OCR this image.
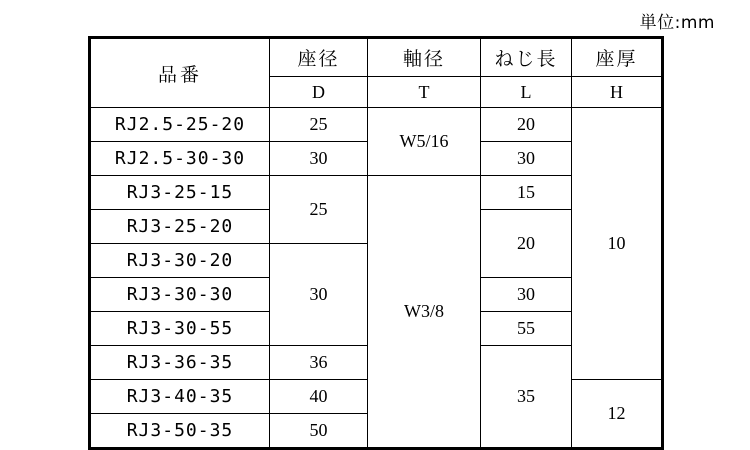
単位:mm
品番	座径	軸径	ねじ長	座厚
	D	T	L	H
RJ2.5-25-20	25	W5/16	20	10
RJ2.5-30-30	30		30	
RJ3-25-15	25	W3/8	15	
RJ3-25-20			20	
RJ3-30-20	30			
RJ3-30-30			30	
RJ3-30-55			55	
RJ3-36-35	36		35	
RJ3-40-35	40			12
RJ3-50-35	50			
